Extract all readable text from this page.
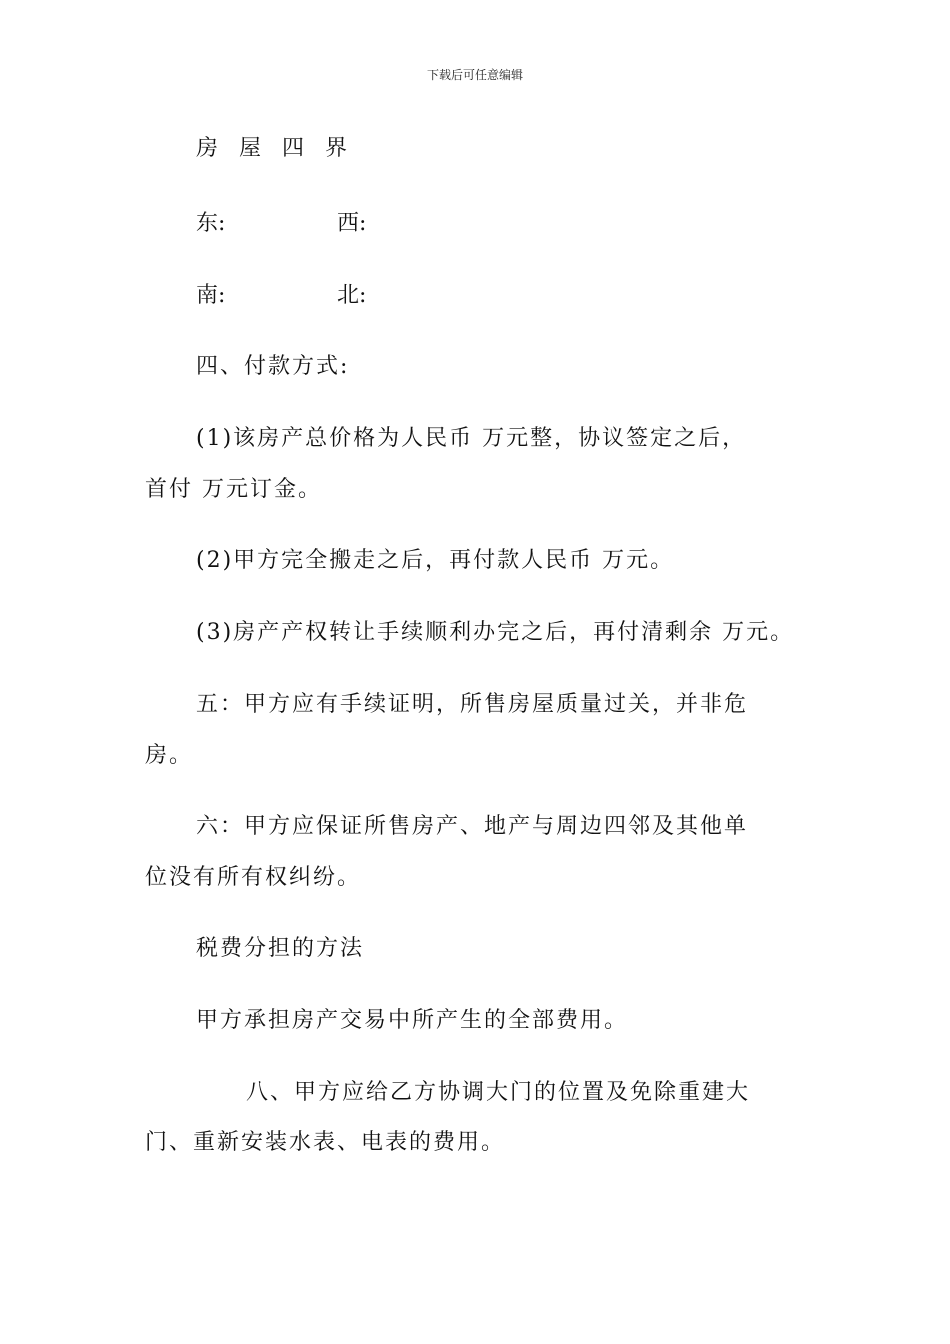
下载后可任意编辑
房 屋 四 界
东:	西:
南:	北:
四、付款方式:
(1)该房产总价格为人民币 万元整，协议签定之后，
首付 万元订金。
(2)甲方完全搬走之后，再付款人民币 万元。
(3)房产产权转让手续顺利办完之后，再付清剩余 万元。
五：甲方应有手续证明，所售房屋质量过关，并非危
房。
六：甲方应保证所售房产、地产与周边四邻及其他单
位没有所有权纠纷。
税费分担的方法
甲方承担房产交易中所产生的全部费用。
八、甲方应给乙方协调大门的位置及免除重建大
门、重新安装水表、电表的费用。
